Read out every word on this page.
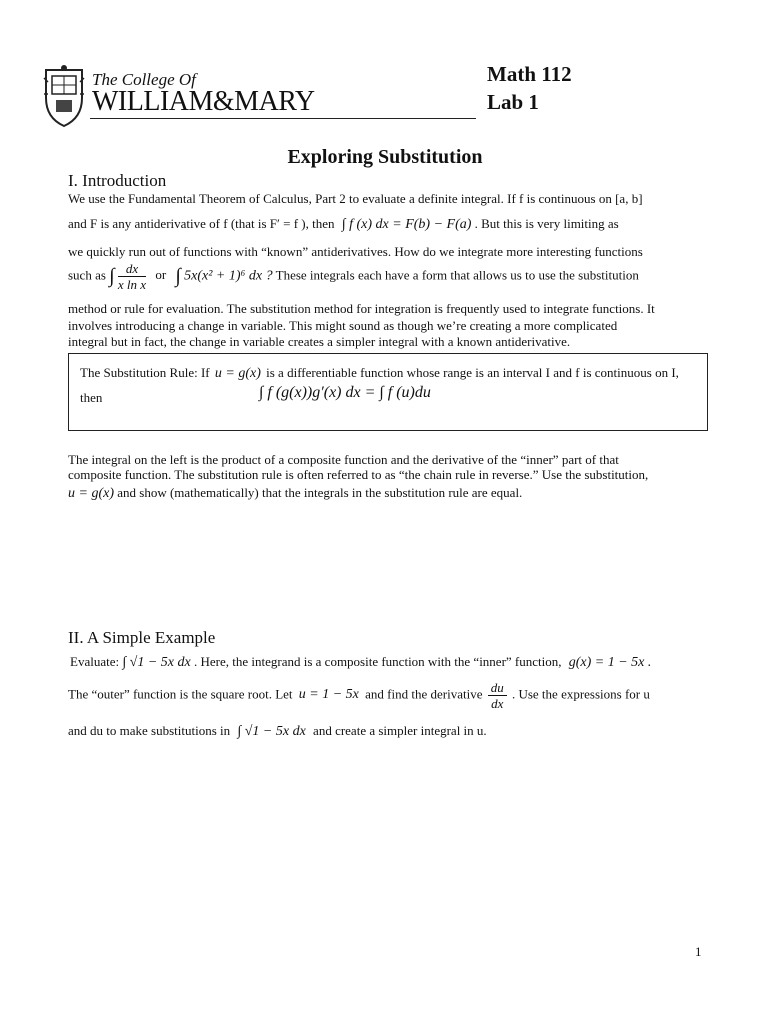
The College Of
WILLIAM&MARY
Math 112
Lab 1
Exploring Substitution
I. Introduction
We use the Fundamental Theorem of Calculus, Part 2 to evaluate a definite integral. If f is continuous on [a, b]
and F is any antiderivative of f (that is F′ = f ), then ∫ f (x) dx = F(b) − F(a) . But this is very limiting as
we quickly run out of functions with “known” antiderivatives. How do we integrate more interesting functions
such as ∫ $\frac{dx}{\text{x ln x}}$ or ∫ 5x(x² + 1)⁶ dx ? These integrals each have a form that allows us to use the substitution
method or rule for evaluation. The substitution method for integration is frequently used to integrate functions. It
involves introducing a change in variable. This might sound as though we’re creating a more complicated
integral but in fact, the change in variable creates a simpler integral with a known antiderivative.
The Substitution Rule: If u = g(x) is a differentiable function whose range is an interval I and f is continuous on I,
then	∫ f (g(x))g′(x) dx = ∫ f (u)du
The integral on the left is the product of a composite function and the derivative of the “inner” part of that
composite function. The substitution rule is often referred to as “the chain rule in reverse.” Use the substitution,
u = g(x) and show (mathematically) that the integrals in the substitution rule are equal.
II. A Simple Example
Evaluate: ∫ √1 − 5x dx . Here, the integrand is a composite function with the “inner” function, g(x) = 1 − 5x .
The “outer” function is the square root. Let u = 1 − 5x and find the derivative $\frac{du}{dx}$ . Use the expressions for u
and du to make substitutions in ∫ √1 − 5x dx and create a simpler integral in u.
1
